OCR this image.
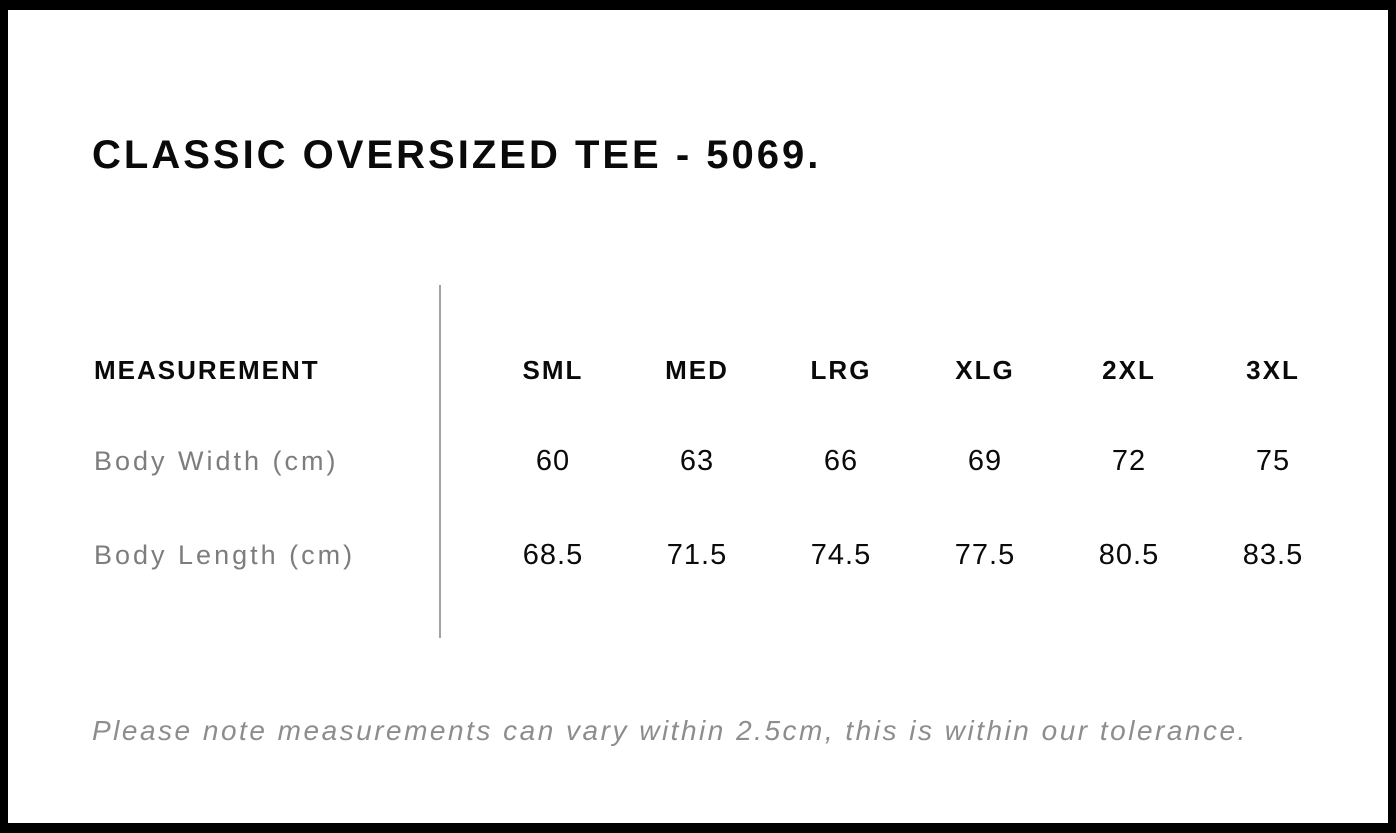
CLASSIC OVERSIZED TEE - 5069.
MEASUREMENT	SML	MED	LRG	XLG	2XL	3XL
Body Width (cm)	60	63	66	69	72	75
Body Length (cm)	68.5	71.5	74.5	77.5	80.5	83.5
Please note measurements can vary within 2.5cm, this is within our tolerance.
